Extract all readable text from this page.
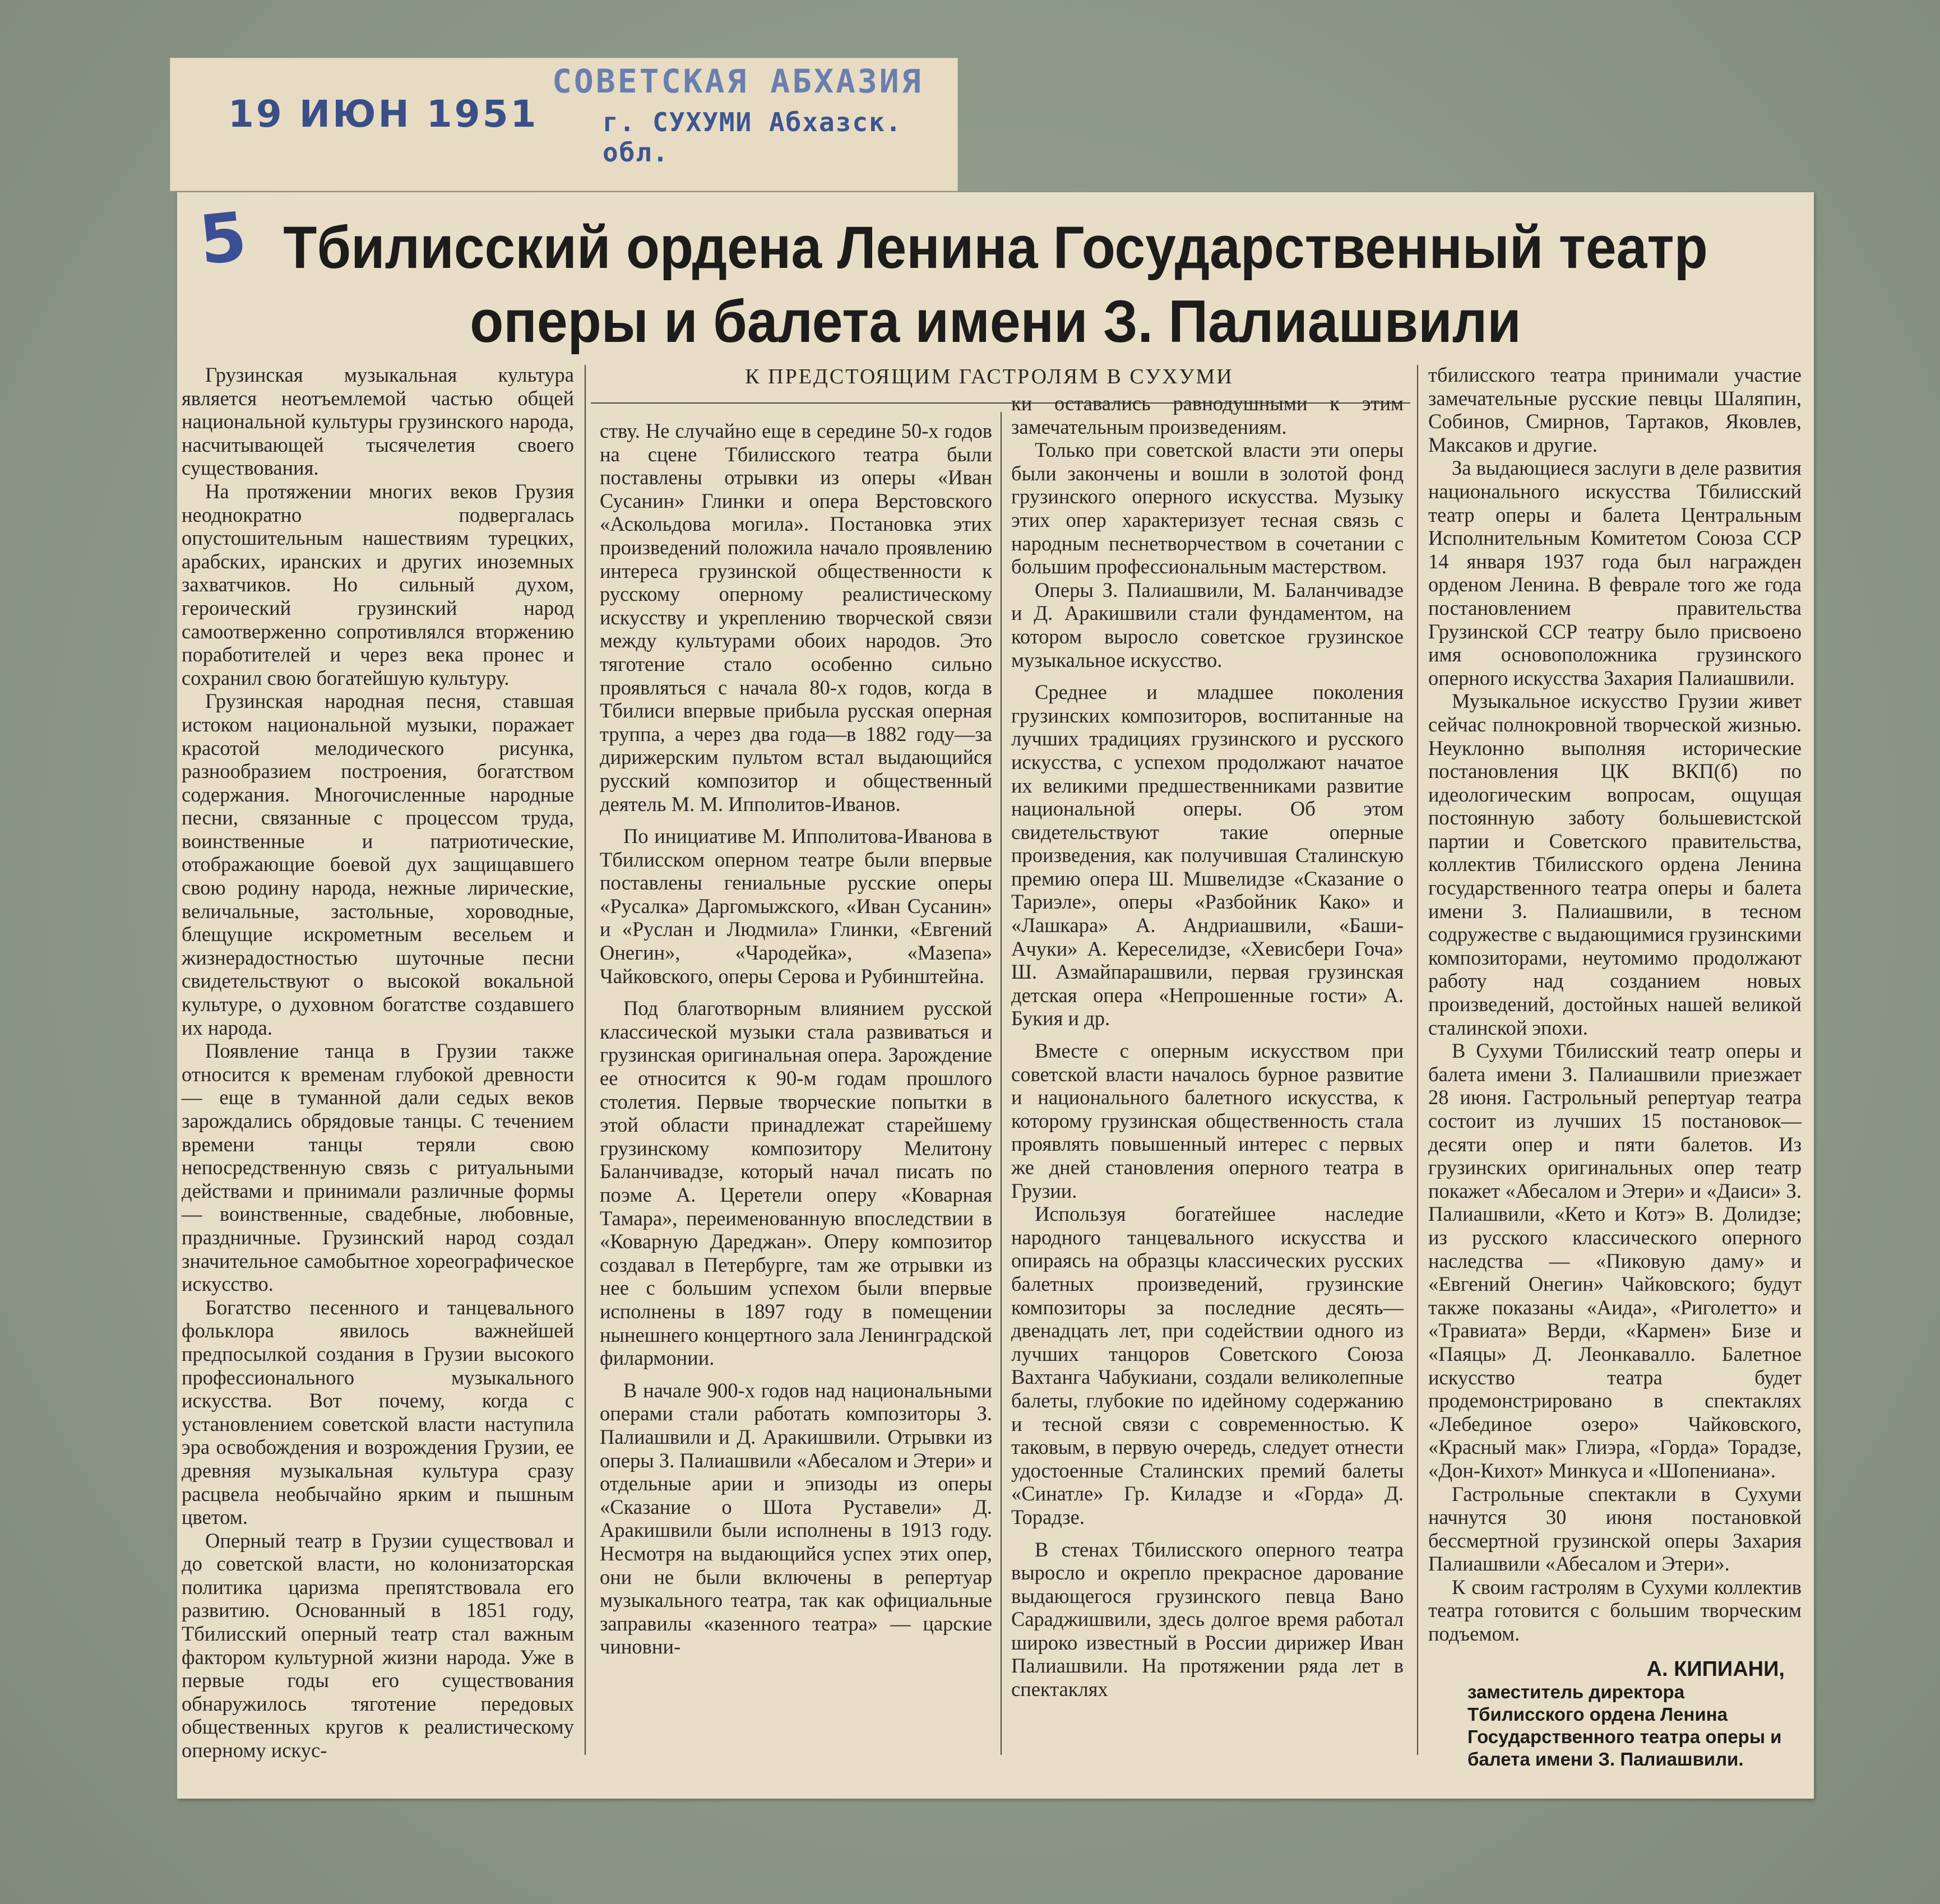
19 ИЮН 1951
СОВЕТСКАЯ АБХАЗИЯ
г. СУХУМИ Абхазск. обл.
5 Тбилисский ордена Ленина Государственный театр
оперы и балета имени З. Палиашвили
К ПРЕДСТОЯЩИМ ГАСТРОЛЯМ В СУХУМИ

Грузинская музыкальная культура является неотъемлемой частью общей национальной культуры грузинского народа, насчитывающей тысячелетия своего существования.

На протяжении многих веков Грузия неоднократно подвергалась опустошительным нашествиям турецких, арабских, иранских и других иноземных захватчиков. Но сильный духом, героический грузинский народ самоотверженно сопротивлялся вторжению поработителей и через века пронес и сохранил свою богатейшую культуру.

Грузинская народная песня, ставшая истоком национальной музыки, поражает красотой мелодического рисунка, разнообразием построения, богатством содержания. Многочисленные народные песни, связанные с процессом труда, воинственные и патриотические, отображающие боевой дух защищавшего свою родину народа, нежные лирические, величальные, застольные, хороводные, блещущие искрометным весельем и жизнерадостностью шуточные песни свидетельствуют о высокой вокальной культуре, о духовном богатстве создавшего их народа.

Появление танца в Грузии также относится к временам глубокой древности — еще в туманной дали седых веков зарождались обрядовые танцы. С течением времени танцы теряли свою непосредственную связь с ритуальными действами и принимали различные формы — воинственные, свадебные, любовные, праздничные. Грузинский народ создал значительное самобытное хореографическое искусство.

Богатство песенного и танцевального фольклора явилось важнейшей предпосылкой создания в Грузии высокого профессионального музыкального искусства. Вот почему, когда с установлением советской власти наступила эра освобождения и возрождения Грузии, ее древняя музыкальная культура сразу расцвела необычайно ярким и пышным цветом.

Оперный театр в Грузии существовал и до советской власти, но колонизаторская политика царизма препятствовала его развитию. Основанный в 1851 году, Тбилисский оперный театр стал важным фактором культурной жизни народа. Уже в первые годы его существования обнаружилось тяготение передовых общественных кругов к реалистическому оперному искус-

ству. Не случайно еще в середине 50-х годов на сцене Тбилисского театра были поставлены отрывки из оперы «Иван Сусанин» Глинки и опера Верстовского «Аскольдова могила». Постановка этих произведений положила начало проявлению интереса грузинской общественности к русскому оперному реалистическому искусству и укреплению творческой связи между культурами обоих народов. Это тяготение стало особенно сильно проявляться с начала 80-х годов, когда в Тбилиси впервые прибыла русская оперная труппа, а через два года—в 1882 году—за дирижерским пультом встал выдающийся русский композитор и общественный деятель М. М. Ипполитов-Иванов.

По инициативе М. Ипполитова-Иванова в Тбилисском оперном театре были впервые поставлены гениальные русские оперы «Русалка» Даргомыжского, «Иван Сусанин» и «Руслан и Людмила» Глинки, «Евгений Онегин», «Чародейка», «Мазепа» Чайковского, оперы Серова и Рубинштейна.

Под благотворным влиянием русской классической музыки стала развиваться и грузинская оригинальная опера. Зарождение ее относится к 90-м годам прошлого столетия. Первые творческие попытки в этой области принадлежат старейшему грузинскому композитору Мелитону Баланчивадзе, который начал писать по поэме А. Церетели оперу «Коварная Тамара», переименованную впоследствии в «Коварную Дареджан». Оперу композитор создавал в Петербурге, там же отрывки из нее с большим успехом были впервые исполнены в 1897 году в помещении нынешнего концертного зала Ленинградской филармонии.

В начале 900-х годов над национальными операми стали работать композиторы З. Палиашвили и Д. Аракишвили. Отрывки из оперы З. Палиашвили «Абесалом и Этери» и отдельные арии и эпизоды из оперы «Сказание о Шота Руставели» Д. Аракишвили были исполнены в 1913 году. Несмотря на выдающийся успех этих опер, они не были включены в репертуар музыкального театра, так как официальные заправилы «казенного театра» — царские чиновни-

ки оставались равнодушными к этим замечательным произведениям.

Только при советской власти эти оперы были закончены и вошли в золотой фонд грузинского оперного искусства. Музыку этих опер характеризует тесная связь с народным песнетворчеством в сочетании с большим профессиональным мастерством.

Оперы З. Палиашвили, М. Баланчивадзе и Д. Аракишвили стали фундаментом, на котором выросло советское грузинское музыкальное искусство.

Среднее и младшее поколения грузинских композиторов, воспитанные на лучших традициях грузинского и русского искусства, с успехом продолжают начатое их великими предшественниками развитие национальной оперы. Об этом свидетельствуют такие оперные произведения, как получившая Сталинскую премию опера Ш. Мшвелидзе «Сказание о Тариэле», оперы «Разбойник Како» и «Лашкара» А. Андриашвили, «Баши-Ачуки» А. Кереселидзе, «Хевисбери Гоча» Ш. Азмайпарашвили, первая грузинская детская опера «Непрошенные гости» А. Букия и др.

Вместе с оперным искусством при советской власти началось бурное развитие и национального балетного искусства, к которому грузинская общественность стала проявлять повышенный интерес с первых же дней становления оперного театра в Грузии.

Используя богатейшее наследие народного танцевального искусства и опираясь на образцы классических русских балетных произведений, грузинские композиторы за последние десять—двенадцать лет, при содействии одного из лучших танцоров Советского Союза Вахтанга Чабукиани, создали великолепные балеты, глубокие по идейному содержанию и тесной связи с современностью. К таковым, в первую очередь, следует отнести удостоенные Сталинских премий балеты «Синатле» Гр. Киладзе и «Горда» Д. Торадзе.

В стенах Тбилисского оперного театра выросло и окрепло прекрасное дарование выдающегося грузинского певца Вано Сараджишвили, здесь долгое время работал широко известный в России дирижер Иван Палиашвили. На протяжении ряда лет в спектаклях

тбилисского театра принимали участие замечательные русские певцы Шаляпин, Собинов, Смирнов, Тартаков, Яковлев, Максаков и другие.

За выдающиеся заслуги в деле развития национального искусства Тбилисский театр оперы и балета Центральным Исполнительным Комитетом Союза ССР 14 января 1937 года был награжден орденом Ленина. В феврале того же года постановлением правительства Грузинской ССР театру было присвоено имя основоположника грузинского оперного искусства Захария Палиашвили.

Музыкальное искусство Грузии живет сейчас полнокровной творческой жизнью. Неуклонно выполняя исторические постановления ЦК ВКП(б) по идеологическим вопросам, ощущая постоянную заботу большевистской партии и Советского правительства, коллектив Тбилисского ордена Ленина государственного театра оперы и балета имени З. Палиашвили, в тесном содружестве с выдающимися грузинскими композиторами, неутомимо продолжают работу над созданием новых произведений, достойных нашей великой сталинской эпохи.

В Сухуми Тбилисский театр оперы и балета имени З. Палиашвили приезжает 28 июня. Гастрольный репертуар театра состоит из лучших 15 постановок—десяти опер и пяти балетов. Из грузинских оригинальных опер театр покажет «Абесалом и Этери» и «Даиси» З. Палиашвили, «Кето и Котэ» В. Долидзе; из русского классического оперного наследства — «Пиковую даму» и «Евгений Онегин» Чайковского; будут также показаны «Аида», «Риголетто» и «Травиата» Верди, «Кармен» Бизе и «Паяцы» Д. Леонкавалло. Балетное искусство театра будет продемонстрировано в спектаклях «Лебединое озеро» Чайковского, «Красный мак» Глиэра, «Горда» Торадзе, «Дон-Кихот» Минкуса и «Шопениана».

Гастрольные спектакли в Сухуми начнутся 30 июня постановкой бессмертной грузинской оперы Захария Палиашвили «Абесалом и Этери».

К своим гастролям в Сухуми коллектив театра готовится с большим творческим подъемом.

А. КИПИАНИ,
заместитель директора Тбилисского ордена Ленина Государственного театра оперы и балета имени З. Палиашвили.
